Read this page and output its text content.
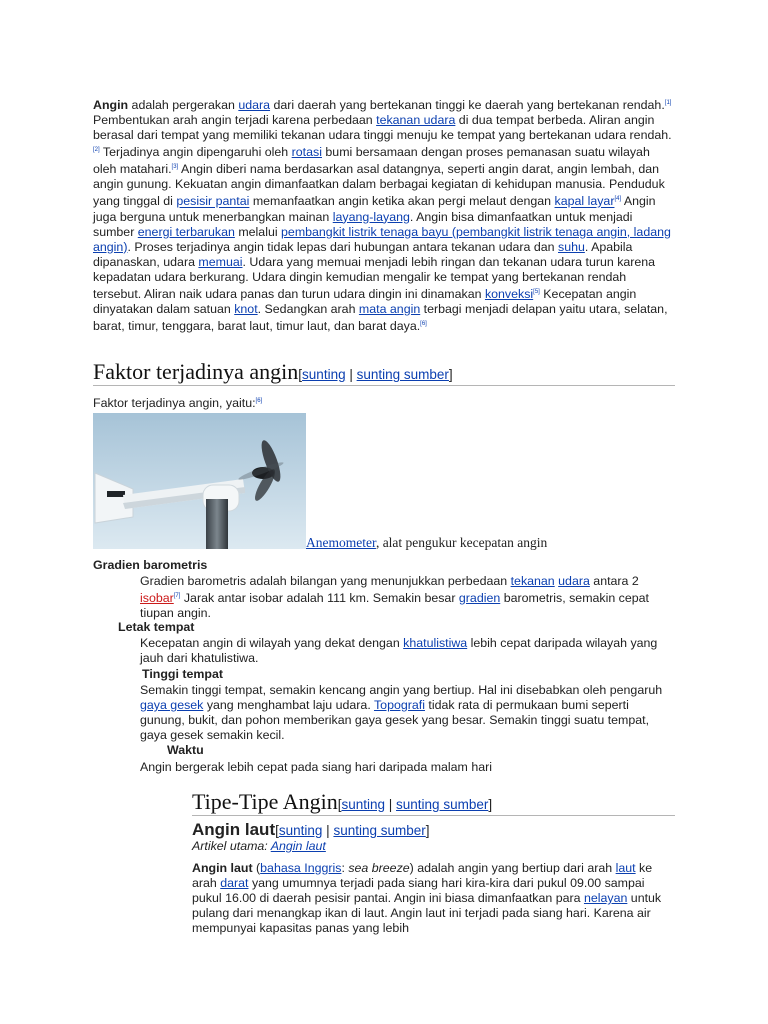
Angin adalah pergerakan udara dari daerah yang bertekanan tinggi ke daerah yang bertekanan rendah.[1] Pembentukan arah angin terjadi karena perbedaan tekanan udara di dua tempat berbeda. Aliran angin berasal dari tempat yang memiliki tekanan udara tinggi menuju ke tempat yang bertekanan udara rendah.[2] Terjadinya angin dipengaruhi oleh rotasi bumi bersamaan dengan proses pemanasan suatu wilayah oleh matahari.[3] Angin diberi nama berdasarkan asal datangnya, seperti angin darat, angin lembah, dan angin gunung. Kekuatan angin dimanfaatkan dalam berbagai kegiatan di kehidupan manusia. Penduduk yang tinggal di pesisir pantai memanfaatkan angin ketika akan pergi melaut dengan kapal layar[4] Angin juga berguna untuk menerbangkan mainan layang-layang. Angin bisa dimanfaatkan untuk menjadi sumber energi terbarukan melalui pembangkit listrik tenaga bayu (pembangkit listrik tenaga angin, ladang angin). Proses terjadinya angin tidak lepas dari hubungan antara tekanan udara dan suhu. Apabila dipanaskan, udara memuai. Udara yang memuai menjadi lebih ringan dan tekanan udara turun karena kepadatan udara berkurang. Udara dingin kemudian mengalir ke tempat yang bertekanan rendah tersebut. Aliran naik udara panas dan turun udara dingin ini dinamakan konveksi[5] Kecepatan angin dinyatakan dalam satuan knot. Sedangkan arah mata angin terbagi menjadi delapan yaitu utara, selatan, barat, timur, tenggara, barat laut, timur laut, dan barat daya.[6]
Faktor terjadinya angin[sunting | sunting sumber]
Faktor terjadinya angin, yaitu:[6]
Anemometer, alat pengukur kecepatan angin
Gradien barometris
Gradien barometris adalah bilangan yang menunjukkan perbedaan tekanan udara antara 2 isobar[7] Jarak antar isobar adalah 111 km. Semakin besar gradien barometris, semakin cepat tiupan angin.
Letak tempat
Kecepatan angin di wilayah yang dekat dengan khatulistiwa lebih cepat daripada wilayah yang jauh dari khatulistiwa.
Tinggi tempat
Semakin tinggi tempat, semakin kencang angin yang bertiup. Hal ini disebabkan oleh pengaruh gaya gesek yang menghambat laju udara. Topografi tidak rata di permukaan bumi seperti gunung, bukit, dan pohon memberikan gaya gesek yang besar. Semakin tinggi suatu tempat, gaya gesek semakin kecil.
Waktu
Angin bergerak lebih cepat pada siang hari daripada malam hari
Tipe-Tipe Angin[sunting | sunting sumber]
Angin laut[sunting | sunting sumber]
Artikel utama: Angin laut
Angin laut (bahasa Inggris: sea breeze) adalah angin yang bertiup dari arah laut ke arah darat yang umumnya terjadi pada siang hari kira-kira dari pukul 09.00 sampai pukul 16.00 di daerah pesisir pantai. Angin ini biasa dimanfaatkan para nelayan untuk pulang dari menangkap ikan di laut. Angin laut ini terjadi pada siang hari. Karena air mempunyai kapasitas panas yang lebih
